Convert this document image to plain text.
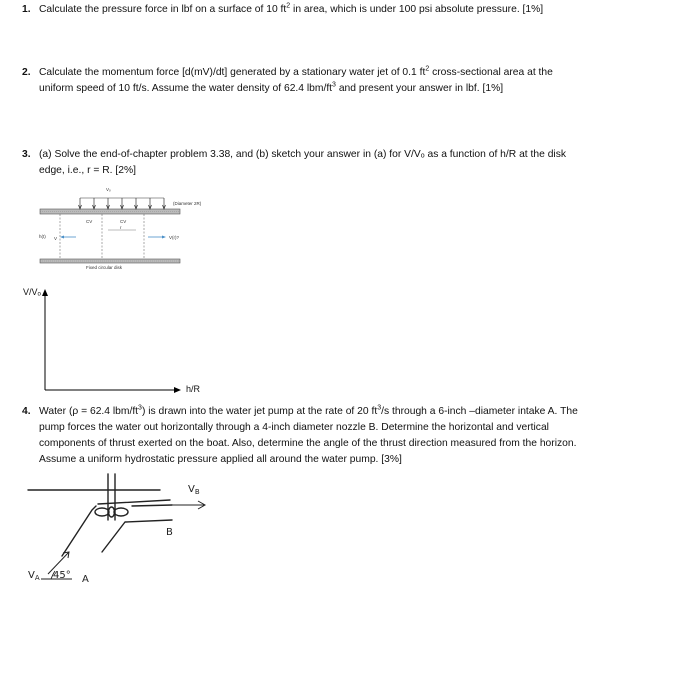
1. Calculate the pressure force in lbf on a surface of 10 $ft^2$ in area, which is under 100 psi absolute pressure. [1%]
2. Calculate the momentum force [d(mV)/dt] generated by a stationary water jet of 0.1 $ft^2$ cross-sectional area at the

uniform speed of 10 ft/s. Assume the water density of 62.4 lbm/$ft^3$ and present your answer in lbf. [1%]

3. (a) Solve the end-of-chapter problem 3.38, and (b) sketch your answer in (a) for V/Vₒ as a function of h/R at the disk

edge, i.e., r = R. [2%]

(Diameter 2R)
Vₒ
CV	CV
h(t) V
r
V(r)?
Fixed circular disk
V/Vₒ
h/R
4. Water (ρ = 62.4 lbm/$ft^3$) is drawn into the water jet pump at the rate of 20 $ft^3/s$ through a 6-inch –diameter intake A. The

pump forces the water out horizontally through a 4-inch diameter nozzle B. Determine the horizontal and vertical

components of thrust exerted on the boat. Also, determine the angle of the thrust direction measured from the horizon.

Assume a uniform hydrostatic pressure applied all around the water pump. [3%]

$V_B$
B
$V_A$ 45° A
